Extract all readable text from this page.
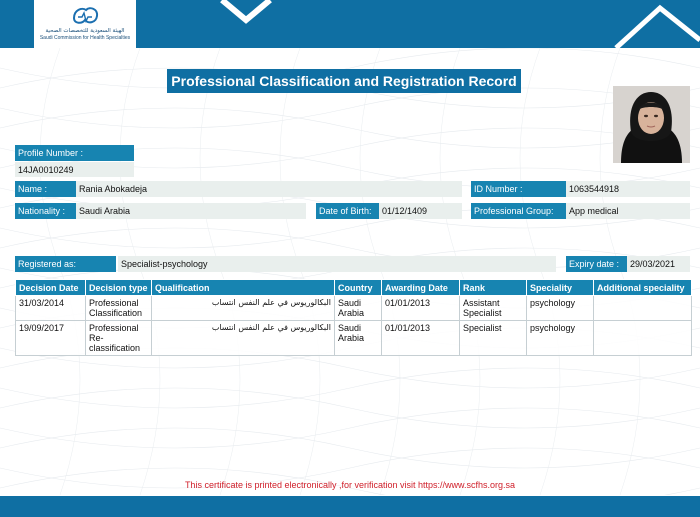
الهيئة السعودية للتخصصات الصحية
Saudi Commission for Health Specialties
Professional Classification and Registration Record
Profile Number :
14JA0010249
Name :	Rania Abokadeja	ID Number :	1063544918
Nationality :	Saudi Arabia	Date of Birth:	01/12/1409	Professional Group:	App medical
Registered as:	Specialist-psychology	Expiry date :	29/03/2021
Decision Date	Decision type	Qualification	Country	Awarding Date	Rank	Speciality	Additional speciality
31/03/2014	Professional Classification	البكالوريوس في علم النفس انتساب	Saudi Arabia	01/01/2013	Assistant Specialist	psychology	
19/09/2017	Professional Re-classification	البكالوريوس في علم النفس انتساب	Saudi Arabia	01/01/2013	Specialist	psychology	
This certificate is printed electronically ,for verification visit https://www.scfhs.org.sa
